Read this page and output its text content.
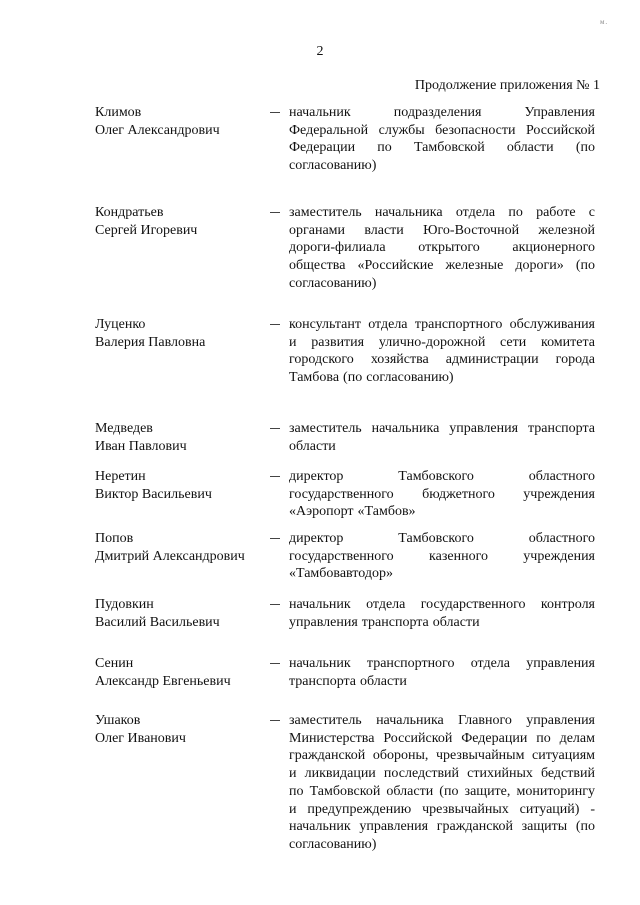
м.
2
Продолжение приложения № 1
Климов
Олег Александрович
начальник подразделения Управления Федеральной службы безопасности Российской Федерации по Тамбовской области (по согласованию)
Кондратьев
Сергей Игоревич
заместитель начальника отдела по работе с органами власти Юго-Восточной железной дороги-филиала открытого акционерного общества «Российские железные дороги» (по согласованию)
Луценко
Валерия Павловна
консультант отдела транспортного обслуживания и развития улично-дорожной сети комитета городского хозяйства администрации города Тамбова (по согласованию)
Медведев
Иван Павлович
заместитель начальника управления транспорта области
Неретин
Виктор Васильевич
директор Тамбовского областного государственного бюджетного учреждения «Аэропорт «Тамбов»
Попов
Дмитрий Александрович
директор Тамбовского областного государственного казенного учреждения «Тамбовавтодор»
Пудовкин
Василий Васильевич
начальник отдела государственного контроля управления транспорта области
Сенин
Александр Евгеньевич
начальник транспортного отдела управления транспорта области
Ушаков
Олег Иванович
заместитель начальника Главного управления Министерства Российской Федерации по делам гражданской обороны, чрезвычайным ситуациям и ликвидации последствий стихийных бедствий по Тамбовской области (по защите, мониторингу и предупреждению чрезвычайных ситуаций) - начальник управления гражданской защиты (по согласованию)
